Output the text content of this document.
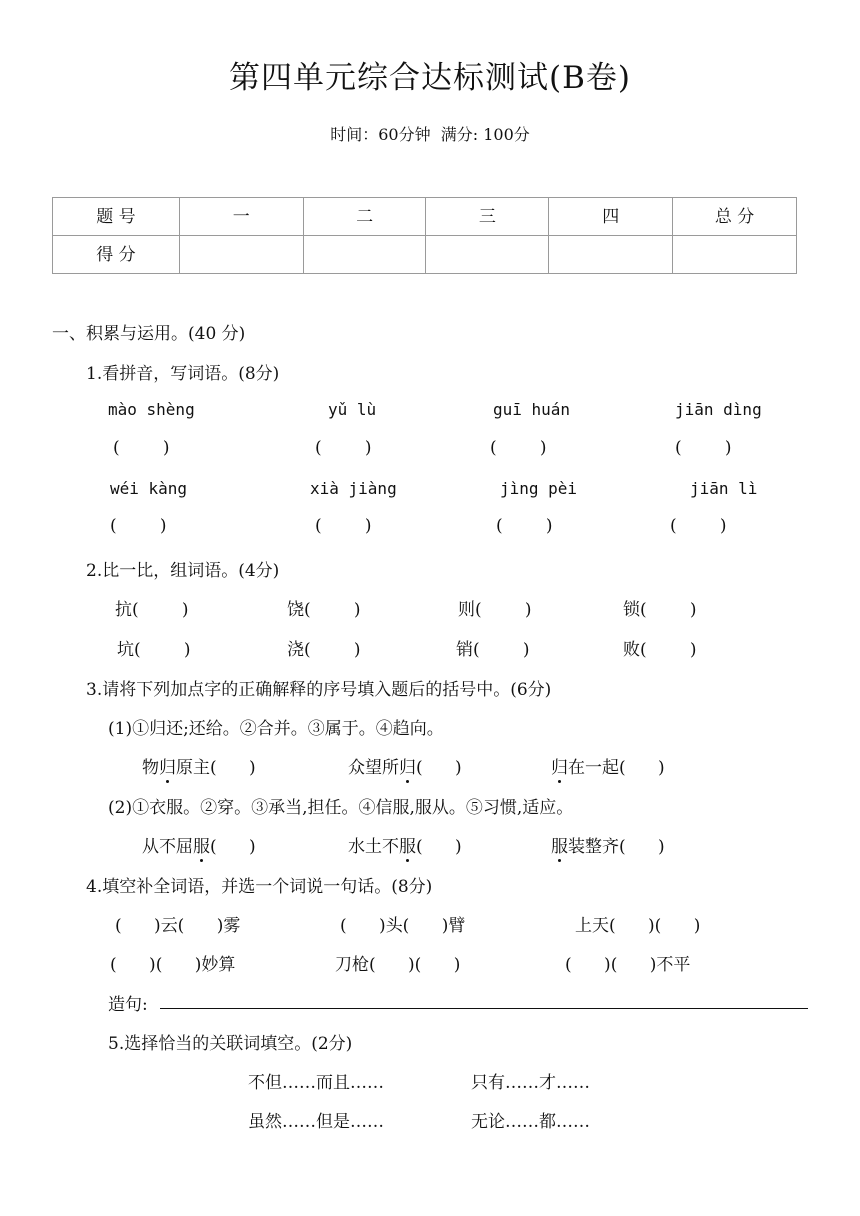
第四单元综合达标测试(B卷)
时间：60分钟  满分: 100分
题 号	一	二	三	四	总 分
得 分					
一、积累与运用。(40 分)
1.看拼音，写词语。(8分)
mào shèng	yǔ lù	guī huán	jiān dìng
(        )	(        )	(        )	(        )
wéi kàng	xià jiàng	jìng pèi	jiān lì
(        )	(        )	(        )	(        )
2.比一比，组词语。(4分)
抗(        )	饶(        )	则(        )	锁(        )
坑(        )	浇(        )	销(        )	败(        )
3.请将下列加点字的正确解释的序号填入题后的括号中。(6分)
(1)①归还;还给。②合并。③属于。④趋向。
物归原主(      )	众望所归(      )	归在一起(      )
(2)①衣服。②穿。③承当,担任。④信服,服从。⑤习惯,适应。
从不屈服(      )	水土不服(      )	服装整齐(      )
4.填空补全词语，并选一个词说一句话。(8分)
(      )云(      )雾	(      )头(      )臂	上天(      )(      )
(      )(      )妙算	刀枪(      )(      )	(      )(      )不平
造句:
5.选择恰当的关联词填空。(2分)
不但……而且……	只有……才……
虽然……但是……	无论……都……
